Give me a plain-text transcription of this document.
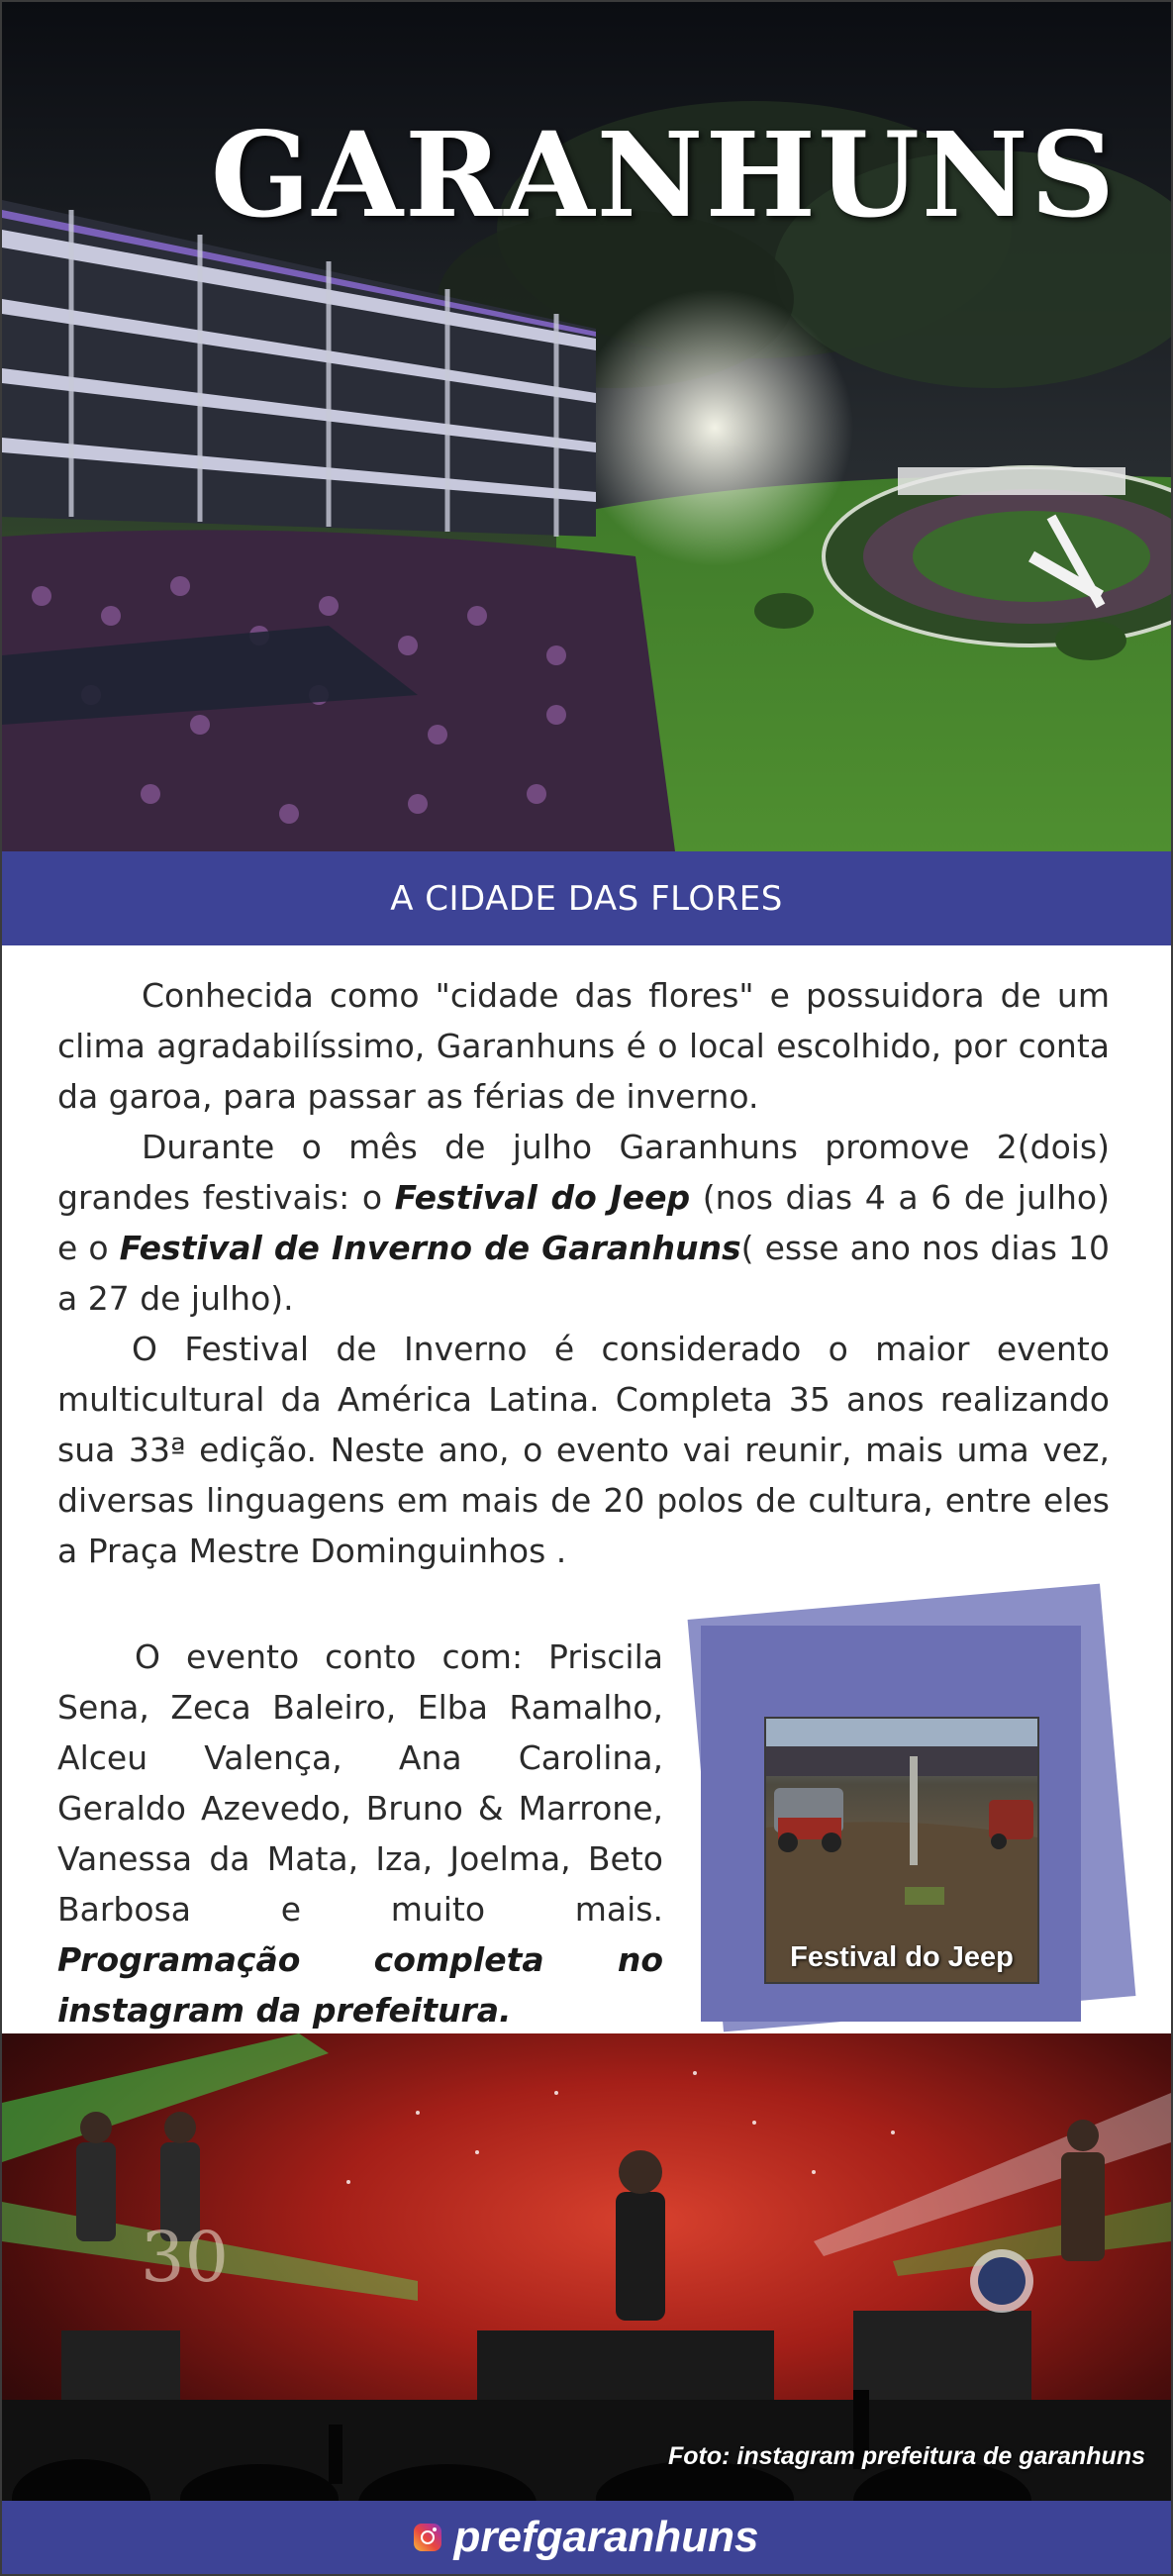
GARANHUNS
A CIDADE DAS FLORES

Conhecida como "cidade das flores" e possuidora de um clima agradabilíssimo, Garanhuns é o local escolhido, por conta da garoa, para passar as férias de inverno.

Durante o mês de julho Garanhuns promove 2(dois) grandes festivais: o Festival do Jeep (nos dias 4 a 6 de julho) e o Festival de Inverno de Garanhuns( esse ano nos dias 10 a 27 de julho).

O Festival de Inverno é considerado o maior evento multicultural da América Latina. Completa 35 anos realizando sua 33ª edição. Neste ano, o evento vai reunir, mais uma vez, diversas linguagens em mais de 20 polos de cultura, entre eles a Praça Mestre Dominguinhos .

O evento conto com: Priscila Sena, Zeca Baleiro, Elba Ramalho, Alceu Valença, Ana Carolina, Geraldo Azevedo, Bruno & Marrone, Vanessa da Mata, Iza, Joelma, Beto Barbosa e muito mais. Programação completa no instagram da prefeitura.

Festival do Jeep
30
Foto: instagram prefeitura de garanhuns
prefgaranhuns
